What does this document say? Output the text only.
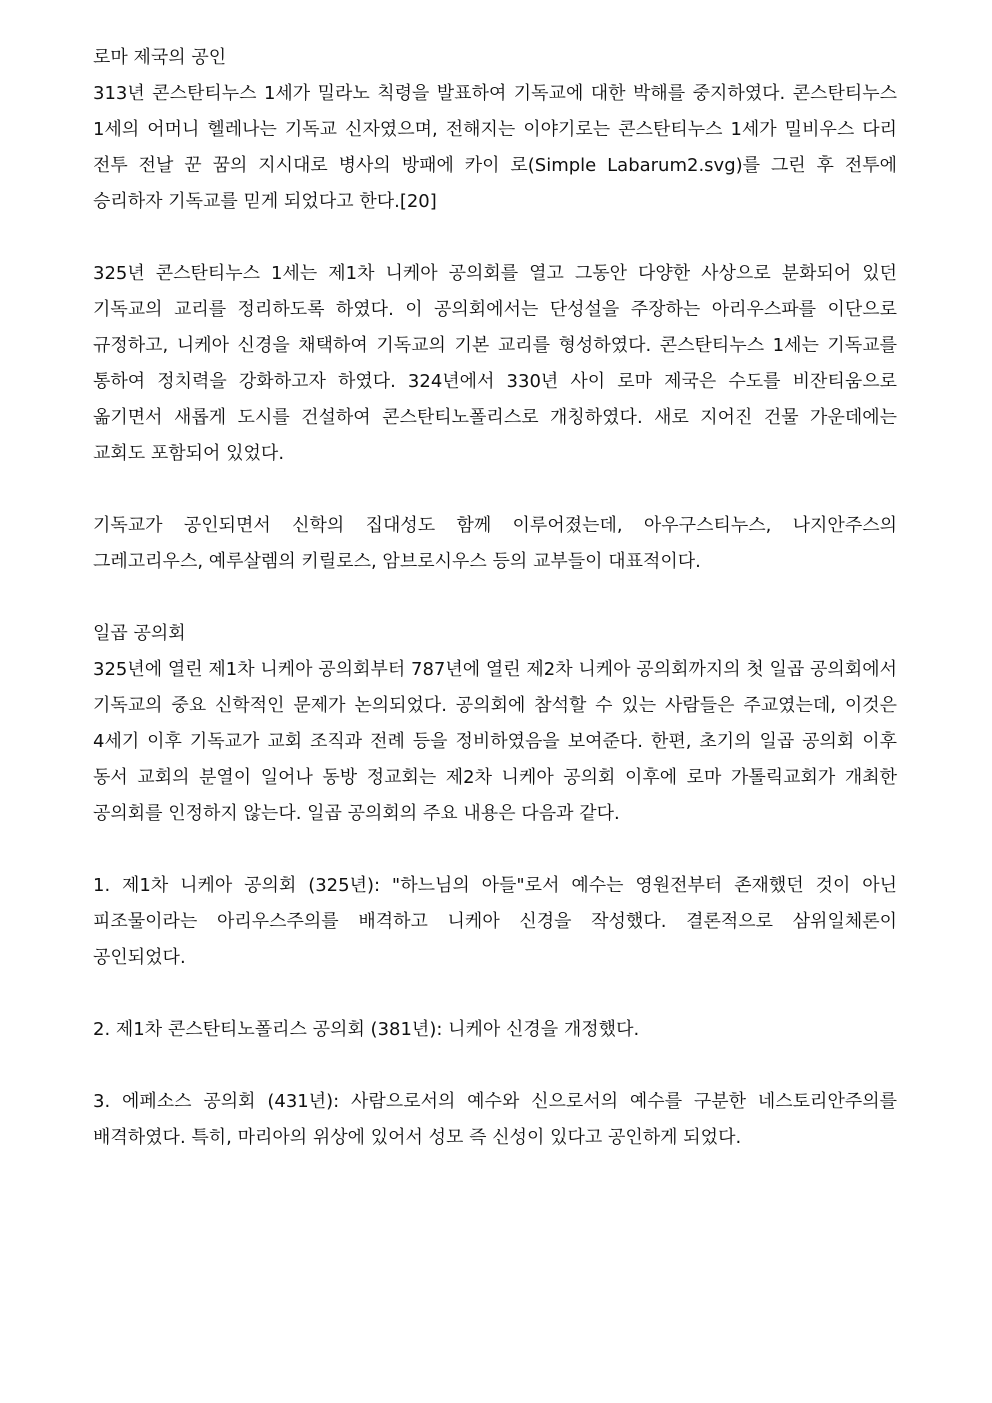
로마 제국의 공인

313년 콘스탄티누스 1세가 밀라노 칙령을 발표하여 기독교에 대한 박해를 중지하였다. 콘스탄티누스 1세의 어머니 헬레나는 기독교 신자였으며, 전해지는 이야기로는 콘스탄티누스 1세가 밀비우스 다리 전투 전날 꾼 꿈의 지시대로 병사의 방패에 카이 로(Simple Labarum2.svg)를 그린 후 전투에 승리하자 기독교를 믿게 되었다고 한다.[20]

325년 콘스탄티누스 1세는 제1차 니케아 공의회를 열고 그동안 다양한 사상으로 분화되어 있던 기독교의 교리를 정리하도록 하였다. 이 공의회에서는 단성설을 주장하는 아리우스파를 이단으로 규정하고, 니케아 신경을 채택하여 기독교의 기본 교리를 형성하였다. 콘스탄티누스 1세는 기독교를 통하여 정치력을 강화하고자 하였다. 324년에서 330년 사이 로마 제국은 수도를 비잔티움으로 옮기면서 새롭게 도시를 건설하여 콘스탄티노폴리스로 개칭하였다. 새로 지어진 건물 가운데에는 교회도 포함되어 있었다.

기독교가 공인되면서 신학의 집대성도 함께 이루어졌는데, 아우구스티누스, 나지안주스의 그레고리우스, 예루살렘의 키릴로스, 암브로시우스 등의 교부들이 대표적이다.

일곱 공의회

325년에 열린 제1차 니케아 공의회부터 787년에 열린 제2차 니케아 공의회까지의 첫 일곱 공의회에서 기독교의 중요 신학적인 문제가 논의되었다. 공의회에 참석할 수 있는 사람들은 주교였는데, 이것은 4세기 이후 기독교가 교회 조직과 전례 등을 정비하였음을 보여준다. 한편, 초기의 일곱 공의회 이후 동서 교회의 분열이 일어나 동방 정교회는 제2차 니케아 공의회 이후에 로마 가톨릭교회가 개최한 공의회를 인정하지 않는다. 일곱 공의회의 주요 내용은 다음과 같다.

1. 제1차 니케아 공의회 (325년): "하느님의 아들"로서 예수는 영원전부터 존재했던 것이 아닌 피조물이라는 아리우스주의를 배격하고 니케아 신경을 작성했다. 결론적으로 삼위일체론이 공인되었다.

2. 제1차 콘스탄티노폴리스 공의회 (381년): 니케아 신경을 개정했다.

3. 에페소스 공의회 (431년): 사람으로서의 예수와 신으로서의 예수를 구분한 네스토리안주의를 배격하였다. 특히, 마리아의 위상에 있어서 성모 즉 신성이 있다고 공인하게 되었다.
